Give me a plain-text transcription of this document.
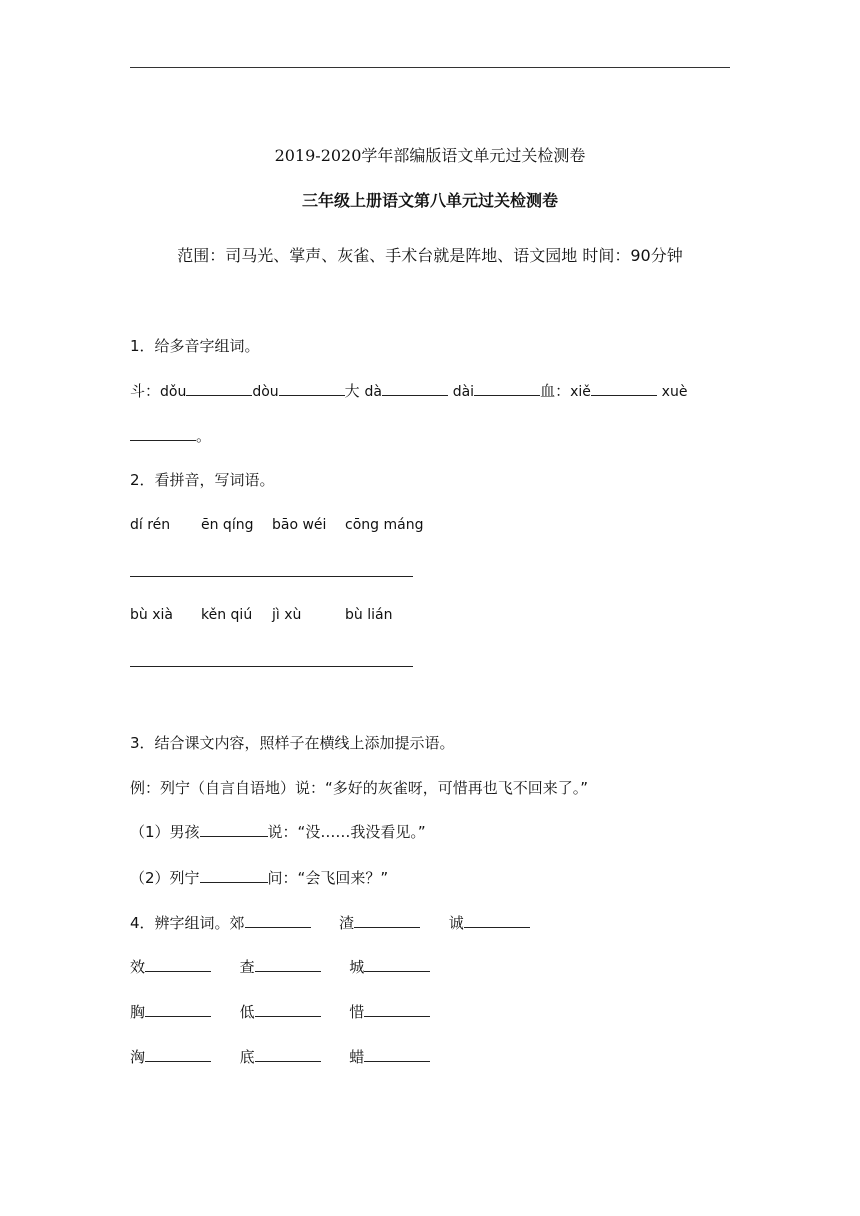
2019-2020学年部编版语文单元过关检测卷
三年级上册语文第八单元过关检测卷
范围：司马光、掌声、灰雀、手术台就是阵地、语文园地 时间：90分钟
1．给多音字组词。
斗：dǒu	dòu	大 dà	dài	血：xiě	xuè
。
2．看拼音，写词语。
dí rén ēn qíng bāo wéi cōng máng
bù xià kěn qiú jì xù	bù lián
3．结合课文内容，照样子在横线上添加提示语。
例：列宁（自言自语地）说：“多好的灰雀呀，可惜再也飞不回来了。”
（1）男孩	说：“没……我没看见。”
（2）列宁	问：“会飞回来？”
4．辨字组词。郊	渣	诚
效	查	城
胸	低	惜
洶	底	蜡
